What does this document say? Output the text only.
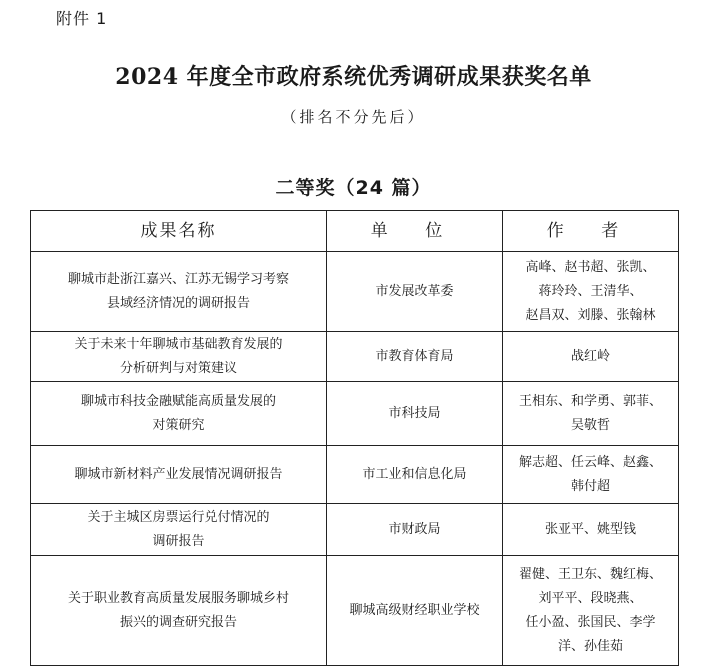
附件 1
2024 年度全市政府系统优秀调研成果获奖名单
（排名不分先后）
二等奖（24 篇）
成果名称	单 位	作 者

聊城市赴浙江嘉兴、江苏无锡学习考察
县域经济情况的调研报告	市发展改革委	高峰、赵书超、张凯、
蒋玲玲、王清华、
赵昌双、刘滕、张翰林

关于未来十年聊城市基础教育发展的
分析研判与对策建议	市教育体育局	战红岭

聊城市科技金融赋能高质量发展的
对策研究	市科技局	王相东、和学勇、郭菲、
吴敬哲

聊城市新材料产业发展情况调研报告	市工业和信息化局	解志超、任云峰、赵鑫、
韩付超

关于主城区房票运行兑付情况的
调研报告	市财政局	张亚平、姚型钱

关于职业教育高质量发展服务聊城乡村
振兴的调查研究报告	聊城高级财经职业学校	翟健、王卫东、魏红梅、
刘平平、段晓燕、
任小盈、张国民、李学
洋、孙佳茹
